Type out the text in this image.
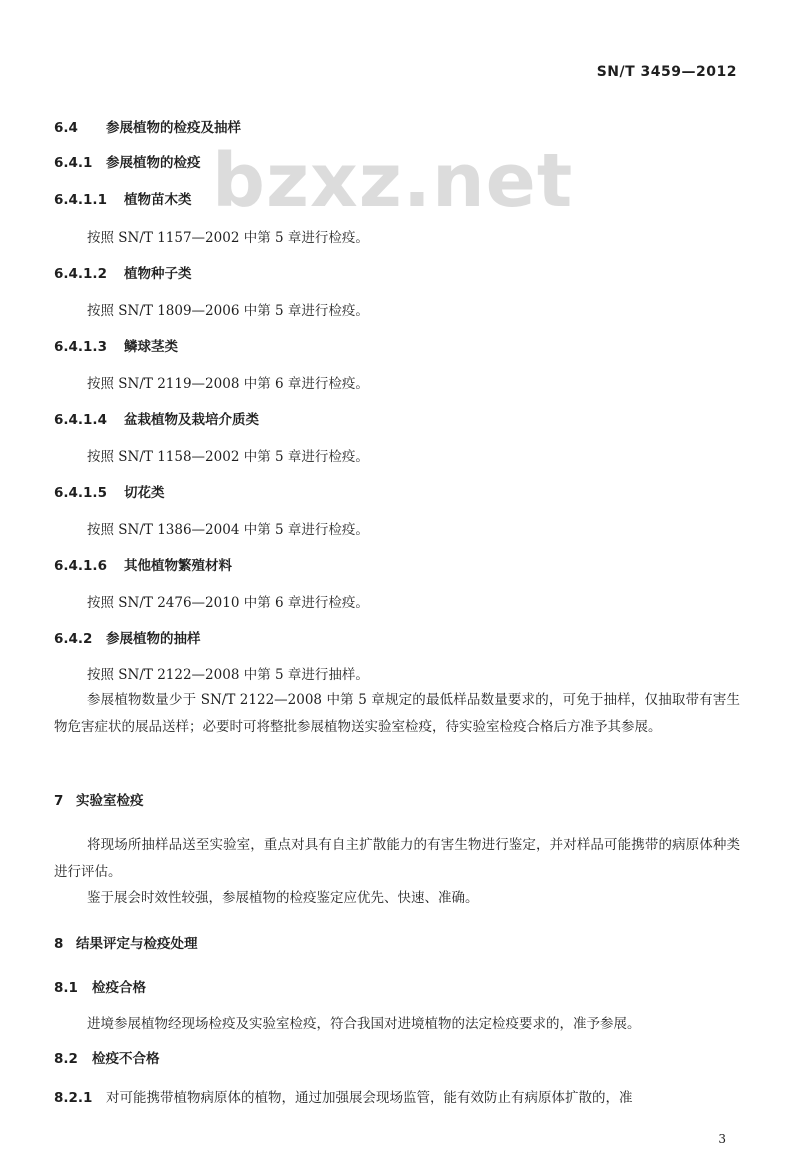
SN/T 3459—2012
bzxz.net
6.4 参展植物的检疫及抽样
6.4.1 参展植物的检疫
6.4.1.1 植物苗木类
按照 SN/T 1157—2002 中第 5 章进行检疫。
6.4.1.2 植物种子类
按照 SN/T 1809—2006 中第 5 章进行检疫。
6.4.1.3 鳞球茎类
按照 SN/T 2119—2008 中第 6 章进行检疫。
6.4.1.4 盆栽植物及栽培介质类
按照 SN/T 1158—2002 中第 5 章进行检疫。
6.4.1.5 切花类
按照 SN/T 1386—2004 中第 5 章进行检疫。
6.4.1.6 其他植物繁殖材料
按照 SN/T 2476—2010 中第 6 章进行检疫。
6.4.2 参展植物的抽样
按照 SN/T 2122—2008 中第 5 章进行抽样。
参展植物数量少于 SN/T 2122—2008 中第 5 章规定的最低样品数量要求的，可免于抽样，仅抽取带有害生物危害症状的展品送样；必要时可将整批参展植物送实验室检疫，待实验室检疫合格后方准予其参展。
7 实验室检疫
将现场所抽样品送至实验室，重点对具有自主扩散能力的有害生物进行鉴定，并对样品可能携带的病原体种类进行评估。
鉴于展会时效性较强，参展植物的检疫鉴定应优先、快速、准确。
8 结果评定与检疫处理
8.1 检疫合格
进境参展植物经现场检疫及实验室检疫，符合我国对进境植物的法定检疫要求的，准予参展。
8.2 检疫不合格
8.2.1 对可能携带植物病原体的植物，通过加强展会现场监管，能有效防止有病原体扩散的，准
3
